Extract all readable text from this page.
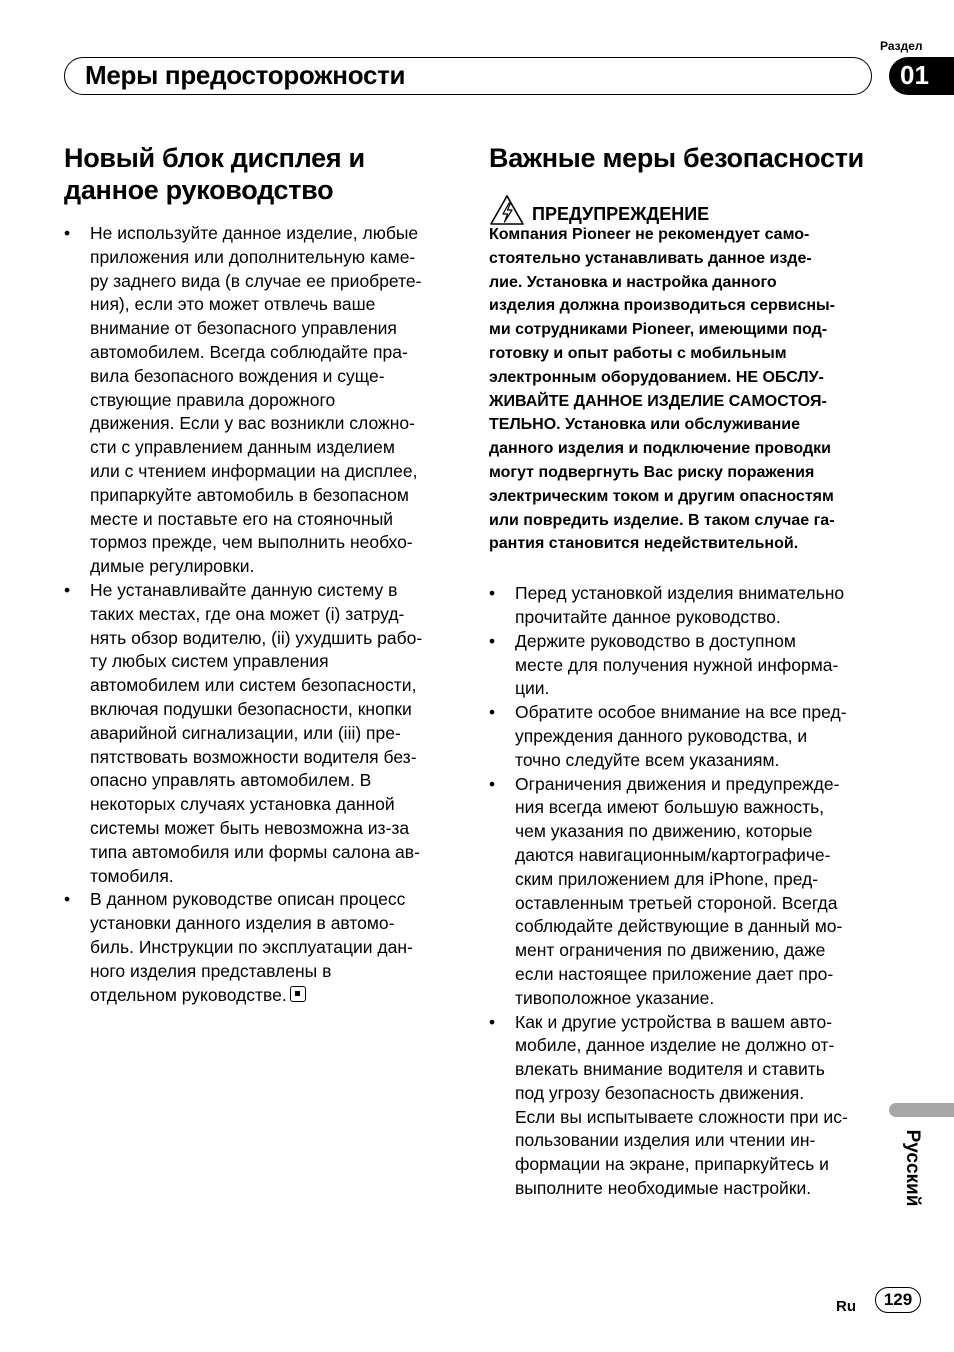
Раздел
Меры предосторожности	01
Новый блок дисплея и
данное руководство
• Не используйте данное изделие, любые
приложения или дополнительную каме-
ру заднего вида (в случае ее приобрете-
ния), если это может отвлечь ваше
внимание от безопасного управления
автомобилем. Всегда соблюдайте пра-
вила безопасного вождения и суще-
ствующие правила дорожного
движения. Если у вас возникли сложно-
сти с управлением данным изделием
или с чтением информации на дисплее,
припаркуйте автомобиль в безопасном
месте и поставьте его на стояночный
тормоз прежде, чем выполнить необхо-
димые регулировки.
• Не устанавливайте данную систему в
таких местах, где она может (i) затруд-
нять обзор водителю, (ii) ухудшить рабо-
ту любых систем управления
автомобилем или систем безопасности,
включая подушки безопасности, кнопки
аварийной сигнализации, или (iii) пре-
пятствовать возможности водителя без-
опасно управлять автомобилем. В
некоторых случаях установка данной
системы может быть невозможна из-за
типа автомобиля или формы салона ав-
томобиля.
• В данном руководстве описан процесс
установки данного изделия в автомо-
биль. Инструкции по эксплуатации дан-
ного изделия представлены в
отдельном руководстве.
Важные меры безопасности
ПРЕДУПРЕЖДЕНИЕ
Компания Pioneer не рекомендует само-
стоятельно устанавливать данное изде-
лие. Установка и настройка данного
изделия должна производиться сервисны-
ми сотрудниками Pioneer, имеющими под-
готовку и опыт работы с мобильным
электронным оборудованием. НЕ ОБСЛУ-
ЖИВАЙТЕ ДАННОЕ ИЗДЕЛИЕ САМОСТОЯ-
ТЕЛЬНО. Установка или обслуживание
данного изделия и подключение проводки
могут подвергнуть Вас риску поражения
электрическим током и другим опасностям
или повредить изделие. В таком случае га-
рантия становится недействительной.
• Перед установкой изделия внимательно
прочитайте данное руководство.
• Держите руководство в доступном
месте для получения нужной информа-
ции.
• Обратите особое внимание на все пред-
упреждения данного руководства, и
точно следуйте всем указаниям.
• Ограничения движения и предупрежде-
ния всегда имеют большую важность,
чем указания по движению, которые
даются навигационным/картографиче-
ским приложением для iPhone, пред-
оставленным третьей стороной. Всегда
соблюдайте действующие в данный мо-
мент ограничения по движению, даже
если настоящее приложение дает про-
тивоположное указание.
• Как и другие устройства в вашем авто-
мобиле, данное изделие не должно от-
влекать внимание водителя и ставить
под угрозу безопасность движения.
Если вы испытываете сложности при ис-
пользовании изделия или чтении ин-
формации на экране, припаркуйтесь и
выполните необходимые настройки.	Русский
Ru	129
